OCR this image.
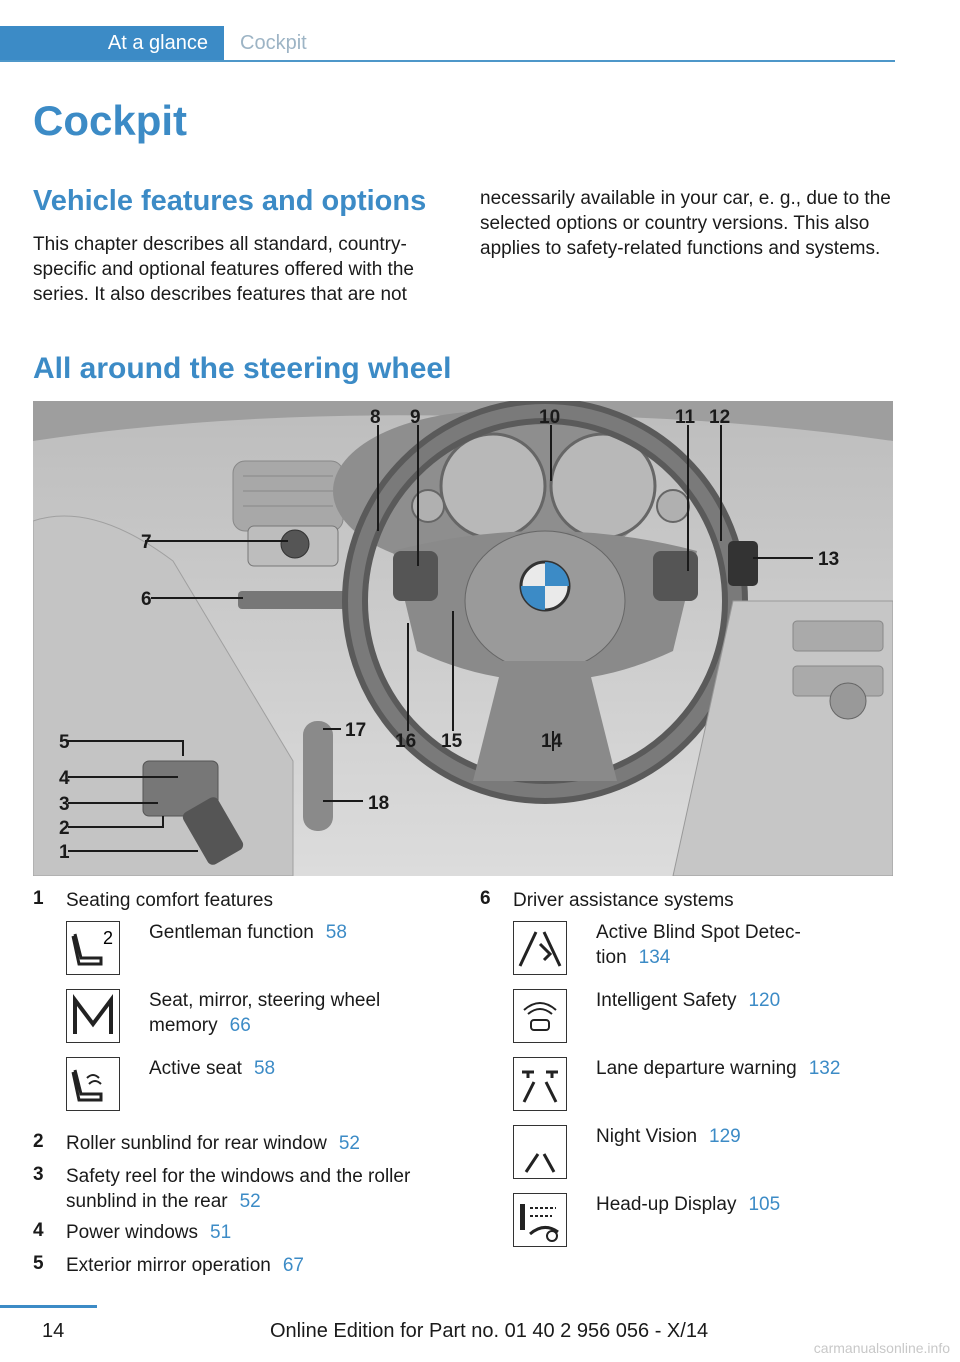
At a glance Cockpit
Cockpit
Vehicle features and options
This chapter describes all standard, country-specific and optional features offered with the series. It also describes features that are not
necessarily available in your car, e. g., due to the selected options or country versions. This also applies to safety-related functions and systems.
All around the steering wheel
8 9	10	11 12
13
14
15
16
17
18
7
6
5
4
3
2
1
1 Seating comfort features
2 Gentleman function 58
Seat, mirror, steering wheel memory 66
Active seat 58
2 Roller sunblind for rear window 52
3 Safety reel for the windows and the roller sunblind in the rear 52
4 Power windows 51
5 Exterior mirror operation 67
6 Driver assistance systems
Active Blind Spot Detec-tion 134
Intelligent Safety 120
Lane departure warning 132
Night Vision 129
Head-up Display 105
14	Online Edition for Part no. 01 40 2 956 056 - X/14
carmanualsonline.info
